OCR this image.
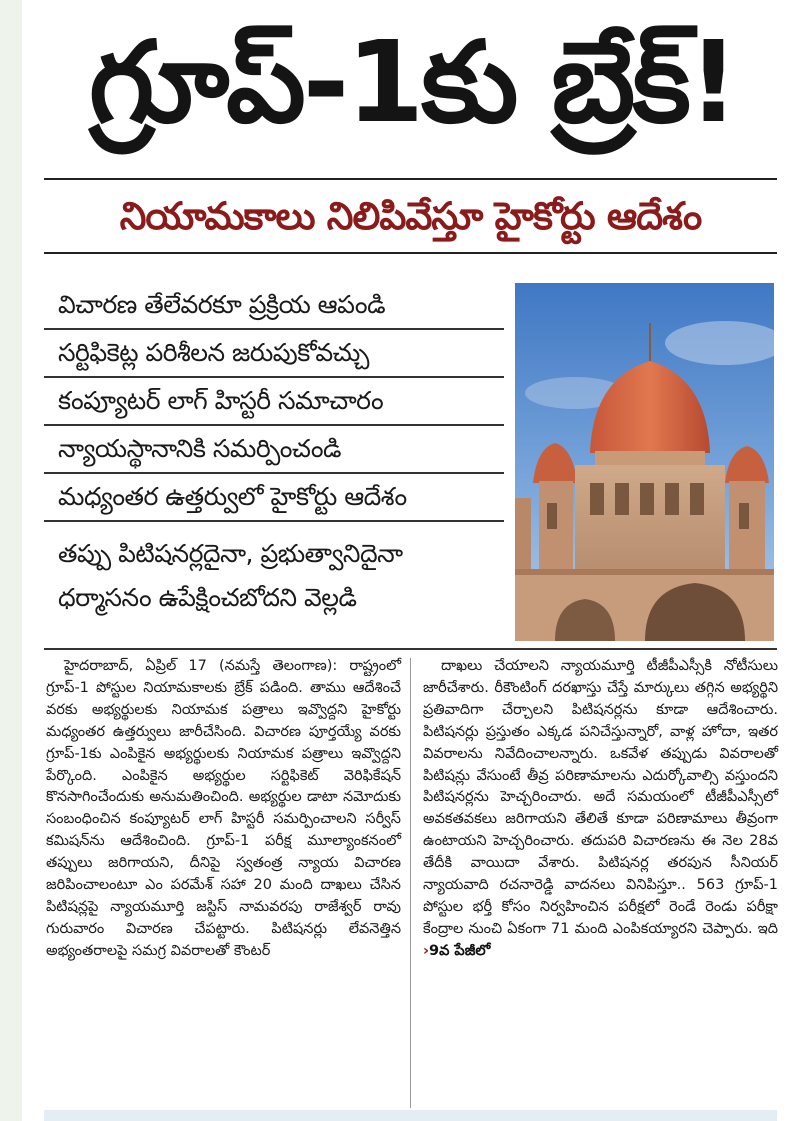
గ్రూప్‌-1కు బ్రేక్‌!
నియామకాలు నిలిపివేస్తూ హైకోర్టు ఆదేశం
విచారణ తేలేవరకూ ప్రక్రియ ఆపండి
సర్టిఫికెట్ల పరిశీలన జరుపుకోవచ్చు
కంప్యూటర్‌ లాగ్‌ హిస్టరీ సమాచారం
న్యాయస్థానానికి సమర్పించండి
మధ్యంతర ఉత్తర్వులో హైకోర్టు ఆదేశం
తప్పు పిటిషనర్లదైనా, ప్రభుత్వానిదైనా
ధర్మాసనం ఉపేక్షించబోదని వెల్లడి

హైదరాబాద్‌, ఏప్రిల్‌ 17 (నమస్తే తెలంగాణ): రాష్ట్రంలో గ్రూప్‌-1 పోస్టుల నియామకాలకు బ్రేక్‌ పడింది. తాము ఆదేశించే వరకు అభ్యర్థులకు నియామక పత్రాలు ఇవ్వొద్దని హైకోర్టు మధ్యంతర ఉత్తర్వులు జారీచేసింది. విచారణ పూర్తయ్యే వరకు గ్రూప్‌-1కు ఎంపికైన అభ్యర్థులకు నియామక పత్రాలు ఇవ్వొద్దని పేర్కొంది. ఎంపికైన అభ్యర్థుల సర్టిఫికెట్‌ వెరిఫికేషన్‌ కొనసాగించేందుకు అనుమతించింది. అభ్యర్థుల డాటా నమోదుకు సంబంధించిన కంప్యూటర్‌ లాగ్‌ హిస్టరీ సమర్పించాలని సర్వీస్‌ కమిషన్‌ను ఆదేశించింది. గ్రూప్‌-1 పరీక్ష మూల్యాంకనంలో తప్పులు జరిగాయని, దీనిపై స్వతంత్ర న్యాయ విచారణ జరిపించాలంటూ ఎం పరమేశ్‌ సహా 20 మంది దాఖలు చేసిన పిటిషన్లపై న్యాయమూర్తి జస్టిస్‌ నామవరపు రాజేశ్వర్‌ రావు గురువారం విచారణ చేపట్టారు. పిటిషనర్లు లేవనెత్తిన అభ్యంతరాలపై సమగ్ర వివరాలతో కౌంటర్‌

దాఖలు చేయాలని న్యాయమూర్తి టీజీపీఎస్సీకి నోటీసులు జారీచేశారు. రీకౌంటింగ్‌ దరఖాస్తు చేస్తే మార్కులు తగ్గిన అభ్యర్థిని ప్రతివాదిగా చేర్చాలని పిటిషనర్లను కూడా ఆదేశించారు. పిటిషనర్లు ప్రస్తుతం ఎక్కడ పనిచేస్తున్నారో, వాళ్ల హోదా, ఇతర వివరాలను నివేదించాలన్నారు. ఒకవేళ తప్పుడు వివరాలతో పిటిషన్లు వేసుంటే తీవ్ర పరిణామాలను ఎదుర్కోవాల్సి వస్తుందని పిటిషనర్లను హెచ్చరించారు. అదే సమయంలో టీజీపీఎస్సీలో అవకతవకలు జరిగాయని తేలితే కూడా పరిణామాలు తీవ్రంగా ఉంటాయని హెచ్చరించారు. తదుపరి విచారణను ఈ నెల 28వ తేదీకి వాయిదా వేశారు. పిటిషనర్ల తరపున సీనియర్‌ న్యాయవాది రచనారెడ్డి వాదనలు వినిపిస్తూ.. 563 గ్రూప్‌-1 పోస్టుల భర్తీ కోసం నిర్వహించిన పరీక్షలో రెండే రెండు పరీక్షా కేంద్రాల నుంచి ఏకంగా 71 మంది ఎంపికయ్యారని చెప్పారు. ఇది ›9వ పేజీలో
